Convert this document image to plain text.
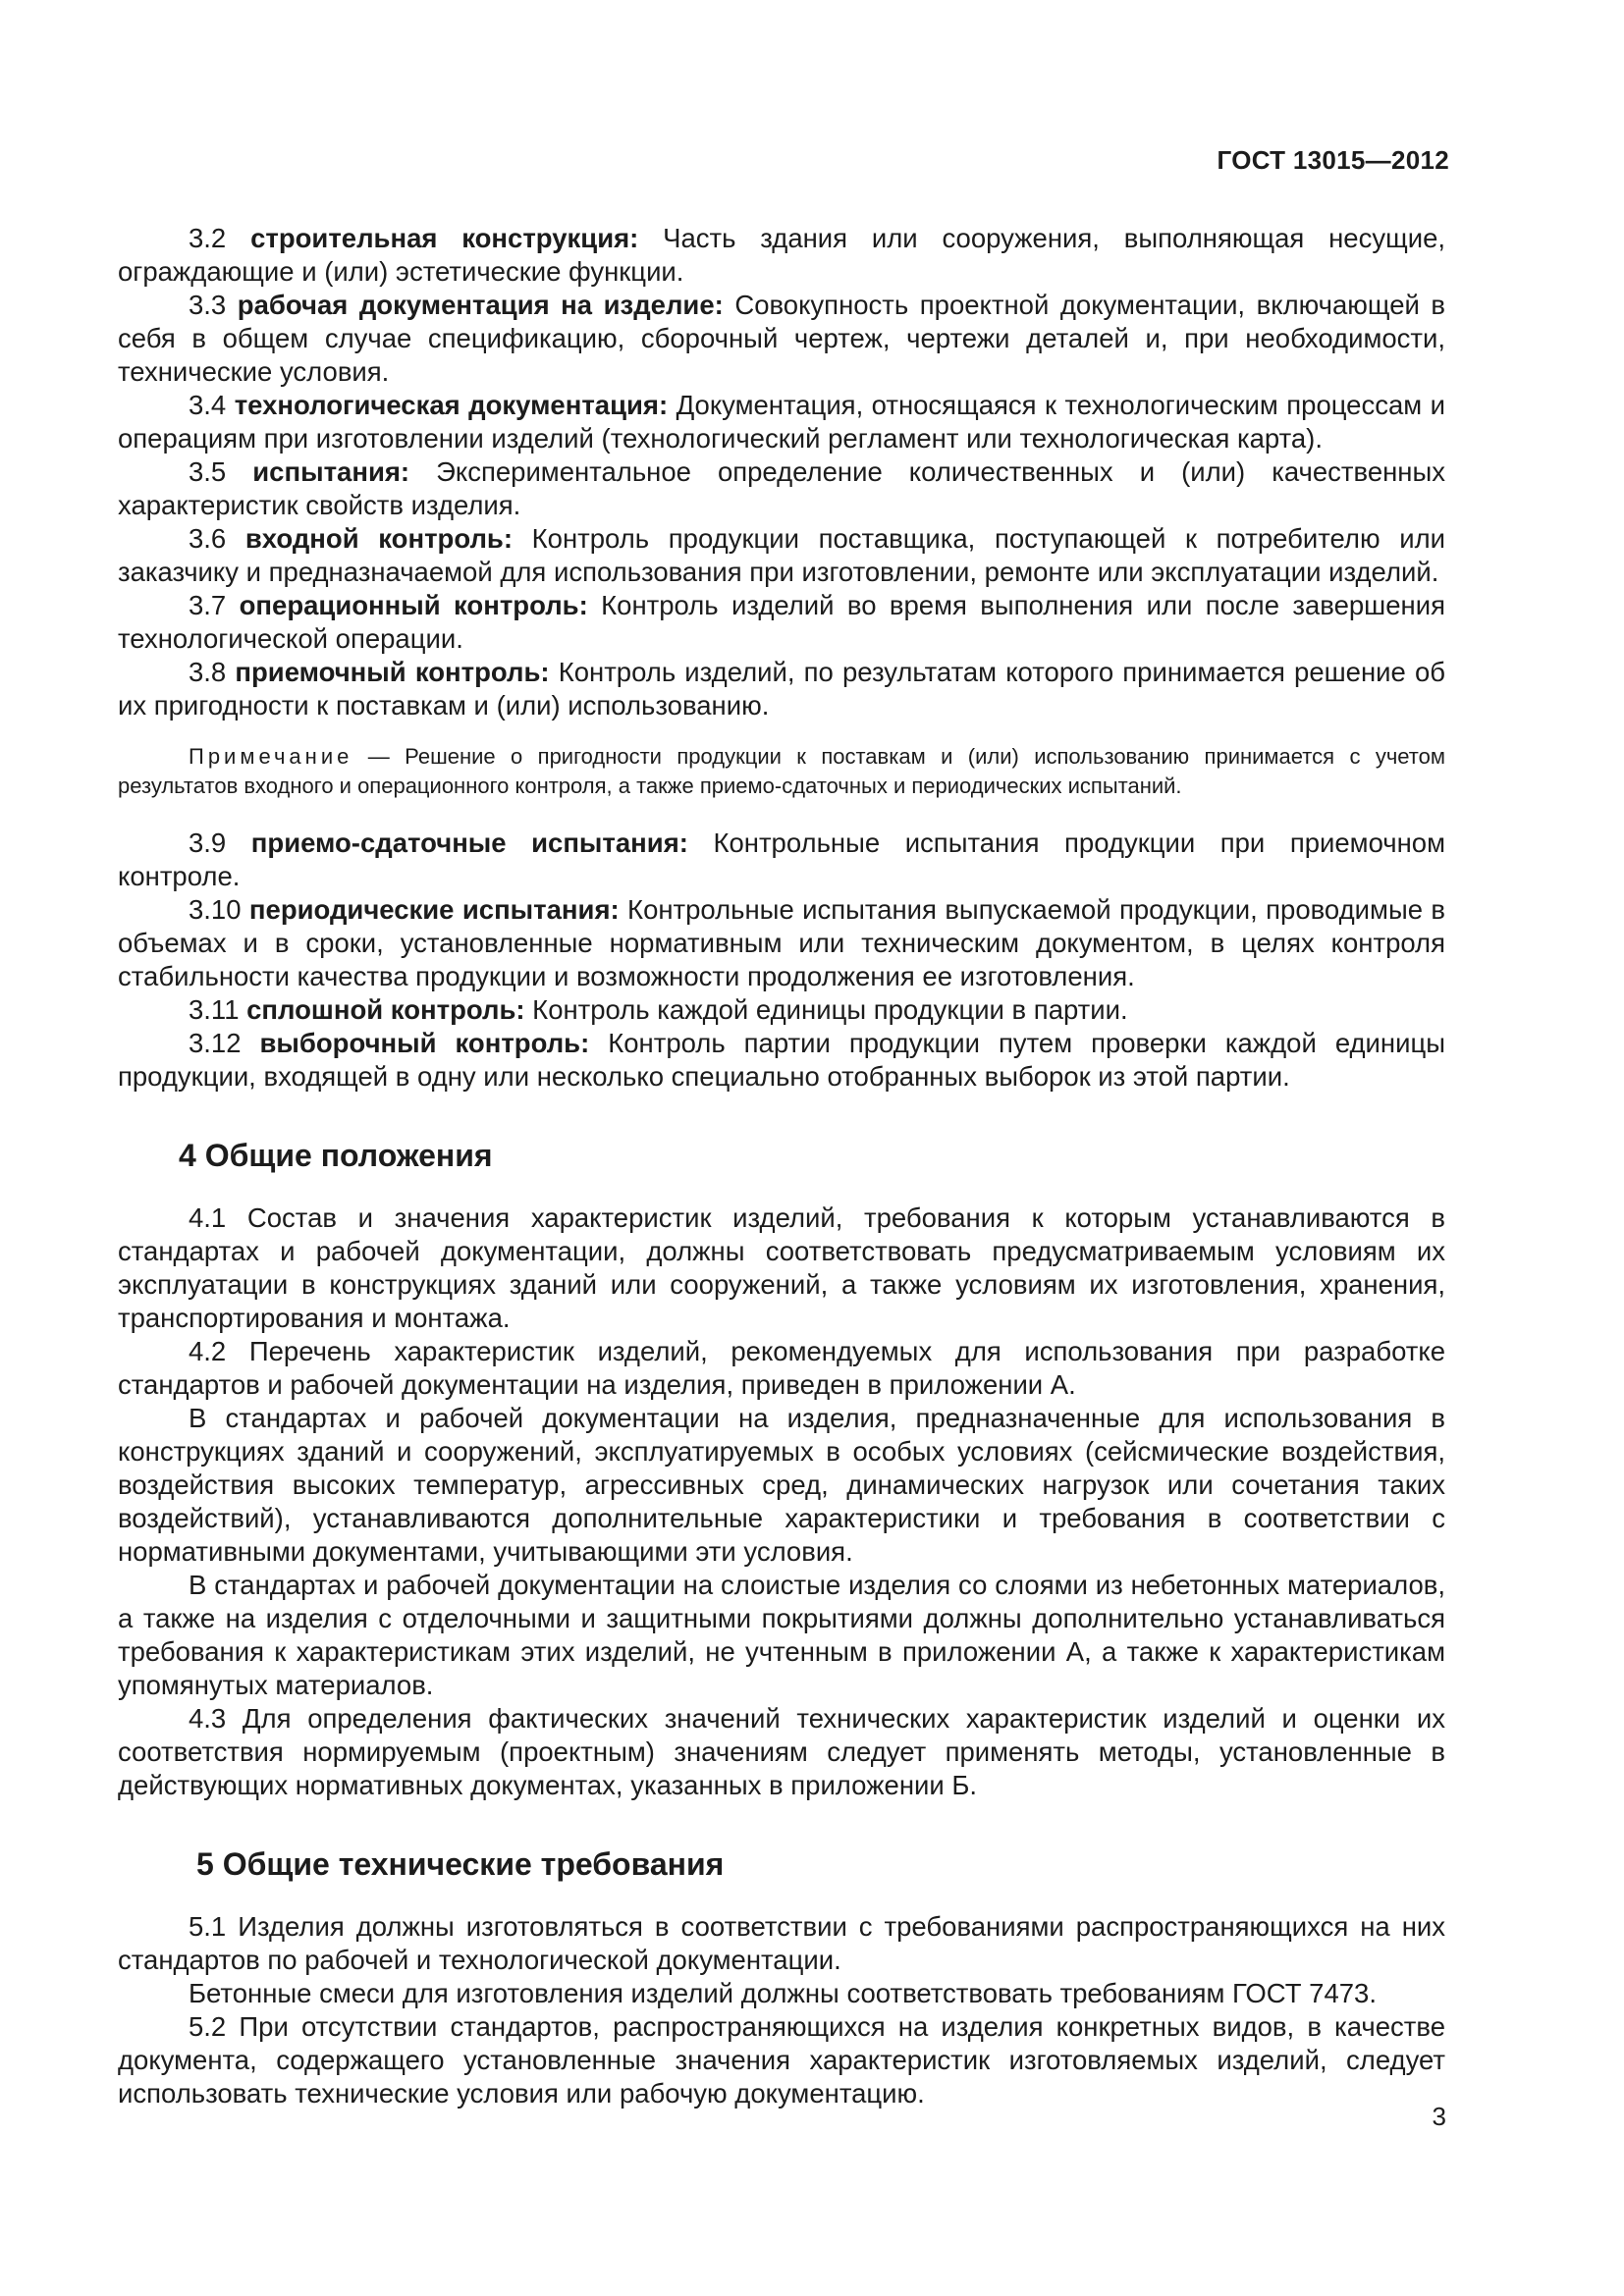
ГОСТ 13015—2012

3.2 строительная конструкция: Часть здания или сооружения, выполняющая несущие, ограждающие и (или) эстетические функции.

3.3 рабочая документация на изделие: Совокупность проектной документации, включающей в себя в общем случае спецификацию, сборочный чертеж, чертежи деталей и, при необходимости, технические условия.

3.4 технологическая документация: Документация, относящаяся к технологическим процессам и операциям при изготовлении изделий (технологический регламент или технологическая карта).

3.5 испытания: Экспериментальное определение количественных и (или) качественных характеристик свойств изделия.

3.6 входной контроль: Контроль продукции поставщика, поступающей к потребителю или заказчику и предназначаемой для использования при изготовлении, ремонте или эксплуатации изделий.

3.7 операционный контроль: Контроль изделий во время выполнения или после завершения технологической операции.

3.8 приемочный контроль: Контроль изделий, по результатам которого принимается решение об их пригодности к поставкам и (или) использованию.

Примечание — Решение о пригодности продукции к поставкам и (или) использованию принимается с учетом результатов входного и операционного контроля, а также приемо-сдаточных и периодических испытаний.

3.9 приемо-сдаточные испытания: Контрольные испытания продукции при приемочном контроле.

3.10 периодические испытания: Контрольные испытания выпускаемой продукции, проводимые в объемах и в сроки, установленные нормативным или техническим документом, в целях контроля стабильности качества продукции и возможности продолжения ее изготовления.

3.11 сплошной контроль: Контроль каждой единицы продукции в партии.

3.12 выборочный контроль: Контроль партии продукции путем проверки каждой единицы продукции, входящей в одну или несколько специально отобранных выборок из этой партии.

4 Общие положения

4.1 Состав и значения характеристик изделий, требования к которым устанавливаются в стандартах и рабочей документации, должны соответствовать предусматриваемым условиям их эксплуатации в конструкциях зданий или сооружений, а также условиям их изготовления, хранения, транспортирования и монтажа.

4.2 Перечень характеристик изделий, рекомендуемых для использования при разработке стандартов и рабочей документации на изделия, приведен в приложении А.

В стандартах и рабочей документации на изделия, предназначенные для использования в конструкциях зданий и сооружений, эксплуатируемых в особых условиях (сейсмические воздействия, воздействия высоких температур, агрессивных сред, динамических нагрузок или сочетания таких воздействий), устанавливаются дополнительные характеристики и требования в соответствии с нормативными документами, учитывающими эти условия.

В стандартах и рабочей документации на слоистые изделия со слоями из небетонных материалов, а также на изделия с отделочными и защитными покрытиями должны дополнительно устанавливаться требования к характеристикам этих изделий, не учтенным в приложении А, а также к характеристикам упомянутых материалов.

4.3 Для определения фактических значений технических характеристик изделий и оценки их соответствия нормируемым (проектным) значениям следует применять методы, установленные в действующих нормативных документах, указанных в приложении Б.

5 Общие технические требования

5.1 Изделия должны изготовляться в соответствии с требованиями распространяющихся на них стандартов по рабочей и технологической документации.

Бетонные смеси для изготовления изделий должны соответствовать требованиям ГОСТ 7473.

5.2 При отсутствии стандартов, распространяющихся на изделия конкретных видов, в качестве документа, содержащего установленные значения характеристик изготовляемых изделий, следует использовать технические условия или рабочую документацию.

3
